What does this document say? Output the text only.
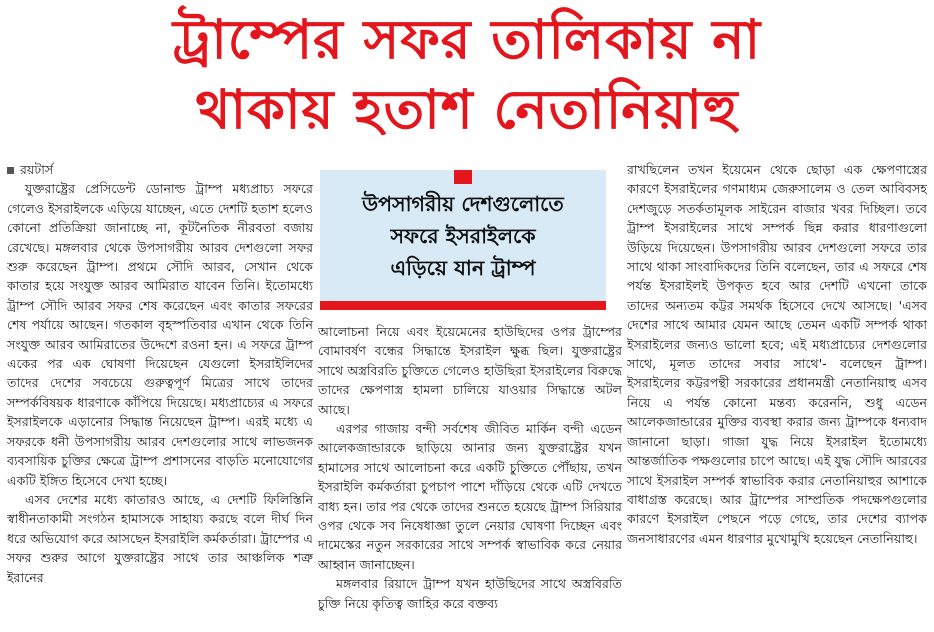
ট্রাম্পের সফর তালিকায় না
থাকায় হতাশ নেতানিয়াহু
রয়টার্স

যুক্তরাষ্ট্রের প্রেসিডেন্ট ডোনাল্ড ট্রাম্প মধ্যপ্রাচ্য সফরে গেলেও ইসরাইলকে এড়িয়ে যাচ্ছেন, এতে দেশটি হতাশ হলেও কোনো প্রতিক্রিয়া জানাচ্ছে না, কূটনৈতিক নীরবতা বজায় রেখেছে। মঙ্গলবার থেকে উপসাগরীয় আরব দেশগুলো সফর শুরু করেছেন ট্রাম্প। প্রথমে সৌদি আরব, সেখান থেকে কাতার হয়ে সংযুক্ত আরব আমিরাত যাবেন তিনি। ইতোমধ্যে ট্রাম্প সৌদি আরব সফর শেষ করেছেন এবং কাতার সফরের শেষ পর্যায়ে আছেন। গতকাল বৃহস্পতিবার এখান থেকে তিনি সংযুক্ত আরব আমিরাতের উদ্দেশে রওনা হন। এ সফরে ট্রাম্প একের পর এক ঘোষণা দিয়েছেন যেগুলো ইসরাইলিদের তাদের দেশের সবচেয়ে গুরুত্বপূর্ণ মিত্রের সাথে তাদের সম্পর্কবিষয়ক ধারণাকে কাঁপিয়ে দিয়েছে। মধ্যপ্রাচ্যের এ সফরে ইসরাইলকে এড়ানোর সিদ্ধান্ত নিয়েছেন ট্রাম্প। এরই মধ্যে এ সফরকে ধনী উপসাগরীয় আরব দেশগুলোর সাথে লাভজনক ব্যবসায়িক চুক্তির ক্ষেত্রে ট্রাম্প প্রশাসনের বাড়তি মনোযোগের একটি ইঙ্গিত হিসেবে দেখা হচ্ছে।

এসব দেশের মধ্যে কাতারও আছে, এ দেশটি ফিলিস্তিনি স্বাধীনতাকামী সংগঠন হামাসকে সাহায্য করছে বলে দীর্ঘ দিন ধরে অভিযোগ করে আসছেন ইসরাইলি কর্মকর্তারা। ট্রাম্পের এ সফর শুরুর আগে যুক্তরাষ্ট্রের সাথে তার আঞ্চলিক শত্রু ইরানের

উপসাগরীয় দেশগুলোতে
সফরে ইসরাইলকে
এড়িয়ে যান ট্রাম্প

আলোচনা নিয়ে এবং ইয়েমেনের হাউছিদের ওপর ট্রাম্পের বোমাবর্ষণ বন্ধের সিদ্ধান্তে ইসরাইল ক্ষুব্ধ ছিল। যুক্তরাষ্ট্রের সাথে অস্ত্রবিরতি চুক্তিতে গেলেও হাউছিরা ইসরাইলের বিরুদ্ধে তাদের ক্ষেপণাস্ত্র হামলা চালিয়ে যাওয়ার সিদ্ধান্তে অটল আছে।

এরপর গাজায় বন্দী সর্বশেষ জীবিত মার্কিন বন্দী এডেন আলেকজান্ডারকে ছাড়িয়ে আনার জন্য যুক্তরাষ্ট্রের যখন হামাসের সাথে আলোচনা করে একটি চুক্তিতে পৌঁছায়, তখন ইসরাইলি কর্মকর্তারা চুপচাপ পাশে দাঁড়িয়ে থেকে এটি দেখতে বাধ্য হন। তার পর থেকে তাদের শুনতে হয়েছে ট্রাম্প সিরিয়ার ওপর থেকে সব নিষেধাজ্ঞা তুলে নেয়ার ঘোষণা দিচ্ছেন এবং দামেস্কের নতুন সরকারের সাথে সম্পর্ক স্বাভাবিক করে নেয়ার আহ্বান জানাচ্ছেন।

মঙ্গলবার রিয়াদে ট্রাম্প যখন হাউছিদের সাথে অস্ত্রবিরতি চুক্তি নিয়ে কৃতিত্ব জাহির করে বক্তব্য

রাখছিলেন তখন ইয়েমেন থেকে ছোড়া এক ক্ষেপণাস্ত্রের কারণে ইসরাইলের গণমাধ্যম জেরুসালেম ও তেল আবিবসহ দেশজুড়ে সতর্কতামূলক সাইরেন বাজার খবর দিচ্ছিল। তবে ট্রাম্প ইসরাইলের সাথে সম্পর্ক ছিন্ন করার ধারণাগুলো উড়িয়ে দিয়েছেন। উপসাগরীয় আরব দেশগুলো সফরে তার সাথে থাকা সাংবাদিকদের তিনি বলেছেন, তার এ সফরে শেষ পর্যন্ত ইসরাইলই উপকৃত হবে আর দেশটি এখনো তাকে তাদের অন্যতম কট্টর সমর্থক হিসেবে দেখে আসছে। 'এসব দেশের সাথে আমার যেমন আছে তেমন একটি সম্পর্ক থাকা ইসরাইলের জন্যও ভালো হবে; এই মধ্যপ্রাচ্যের দেশগুলোর সাথে, মূলত তাদের সবার সাথে'- বলেছেন ট্রাম্প। ইসরাইলের কট্টরপন্থী সরকারের প্রধানমন্ত্রী নেতানিয়াহু এসব নিয়ে এ পর্যন্ত কোনো মন্তব্য করেননি, শুধু এডেন আলেকজান্ডারের মুক্তির ব্যবস্থা করার জন্য ট্রাম্পকে ধন্যবাদ জানানো ছাড়া। গাজা যুদ্ধ নিয়ে ইসরাইল ইতোমধ্যে আন্তর্জাতিক পক্ষগুলোর চাপে আছে। এই যুদ্ধ সৌদি আরবের সাথে ইসরাইল সম্পর্ক স্বাভাবিক করার নেতানিয়াহুর আশাকে বাধাগ্রস্ত করেছে। আর ট্রাম্পের সাম্প্রতিক পদক্ষেপগুলোর কারণে ইসরাইল পেছনে পড়ে গেছে, তার দেশের ব্যাপক জনসাধারণের এমন ধারণার মুখোমুখি হয়েছেন নেতানিয়াহু।
